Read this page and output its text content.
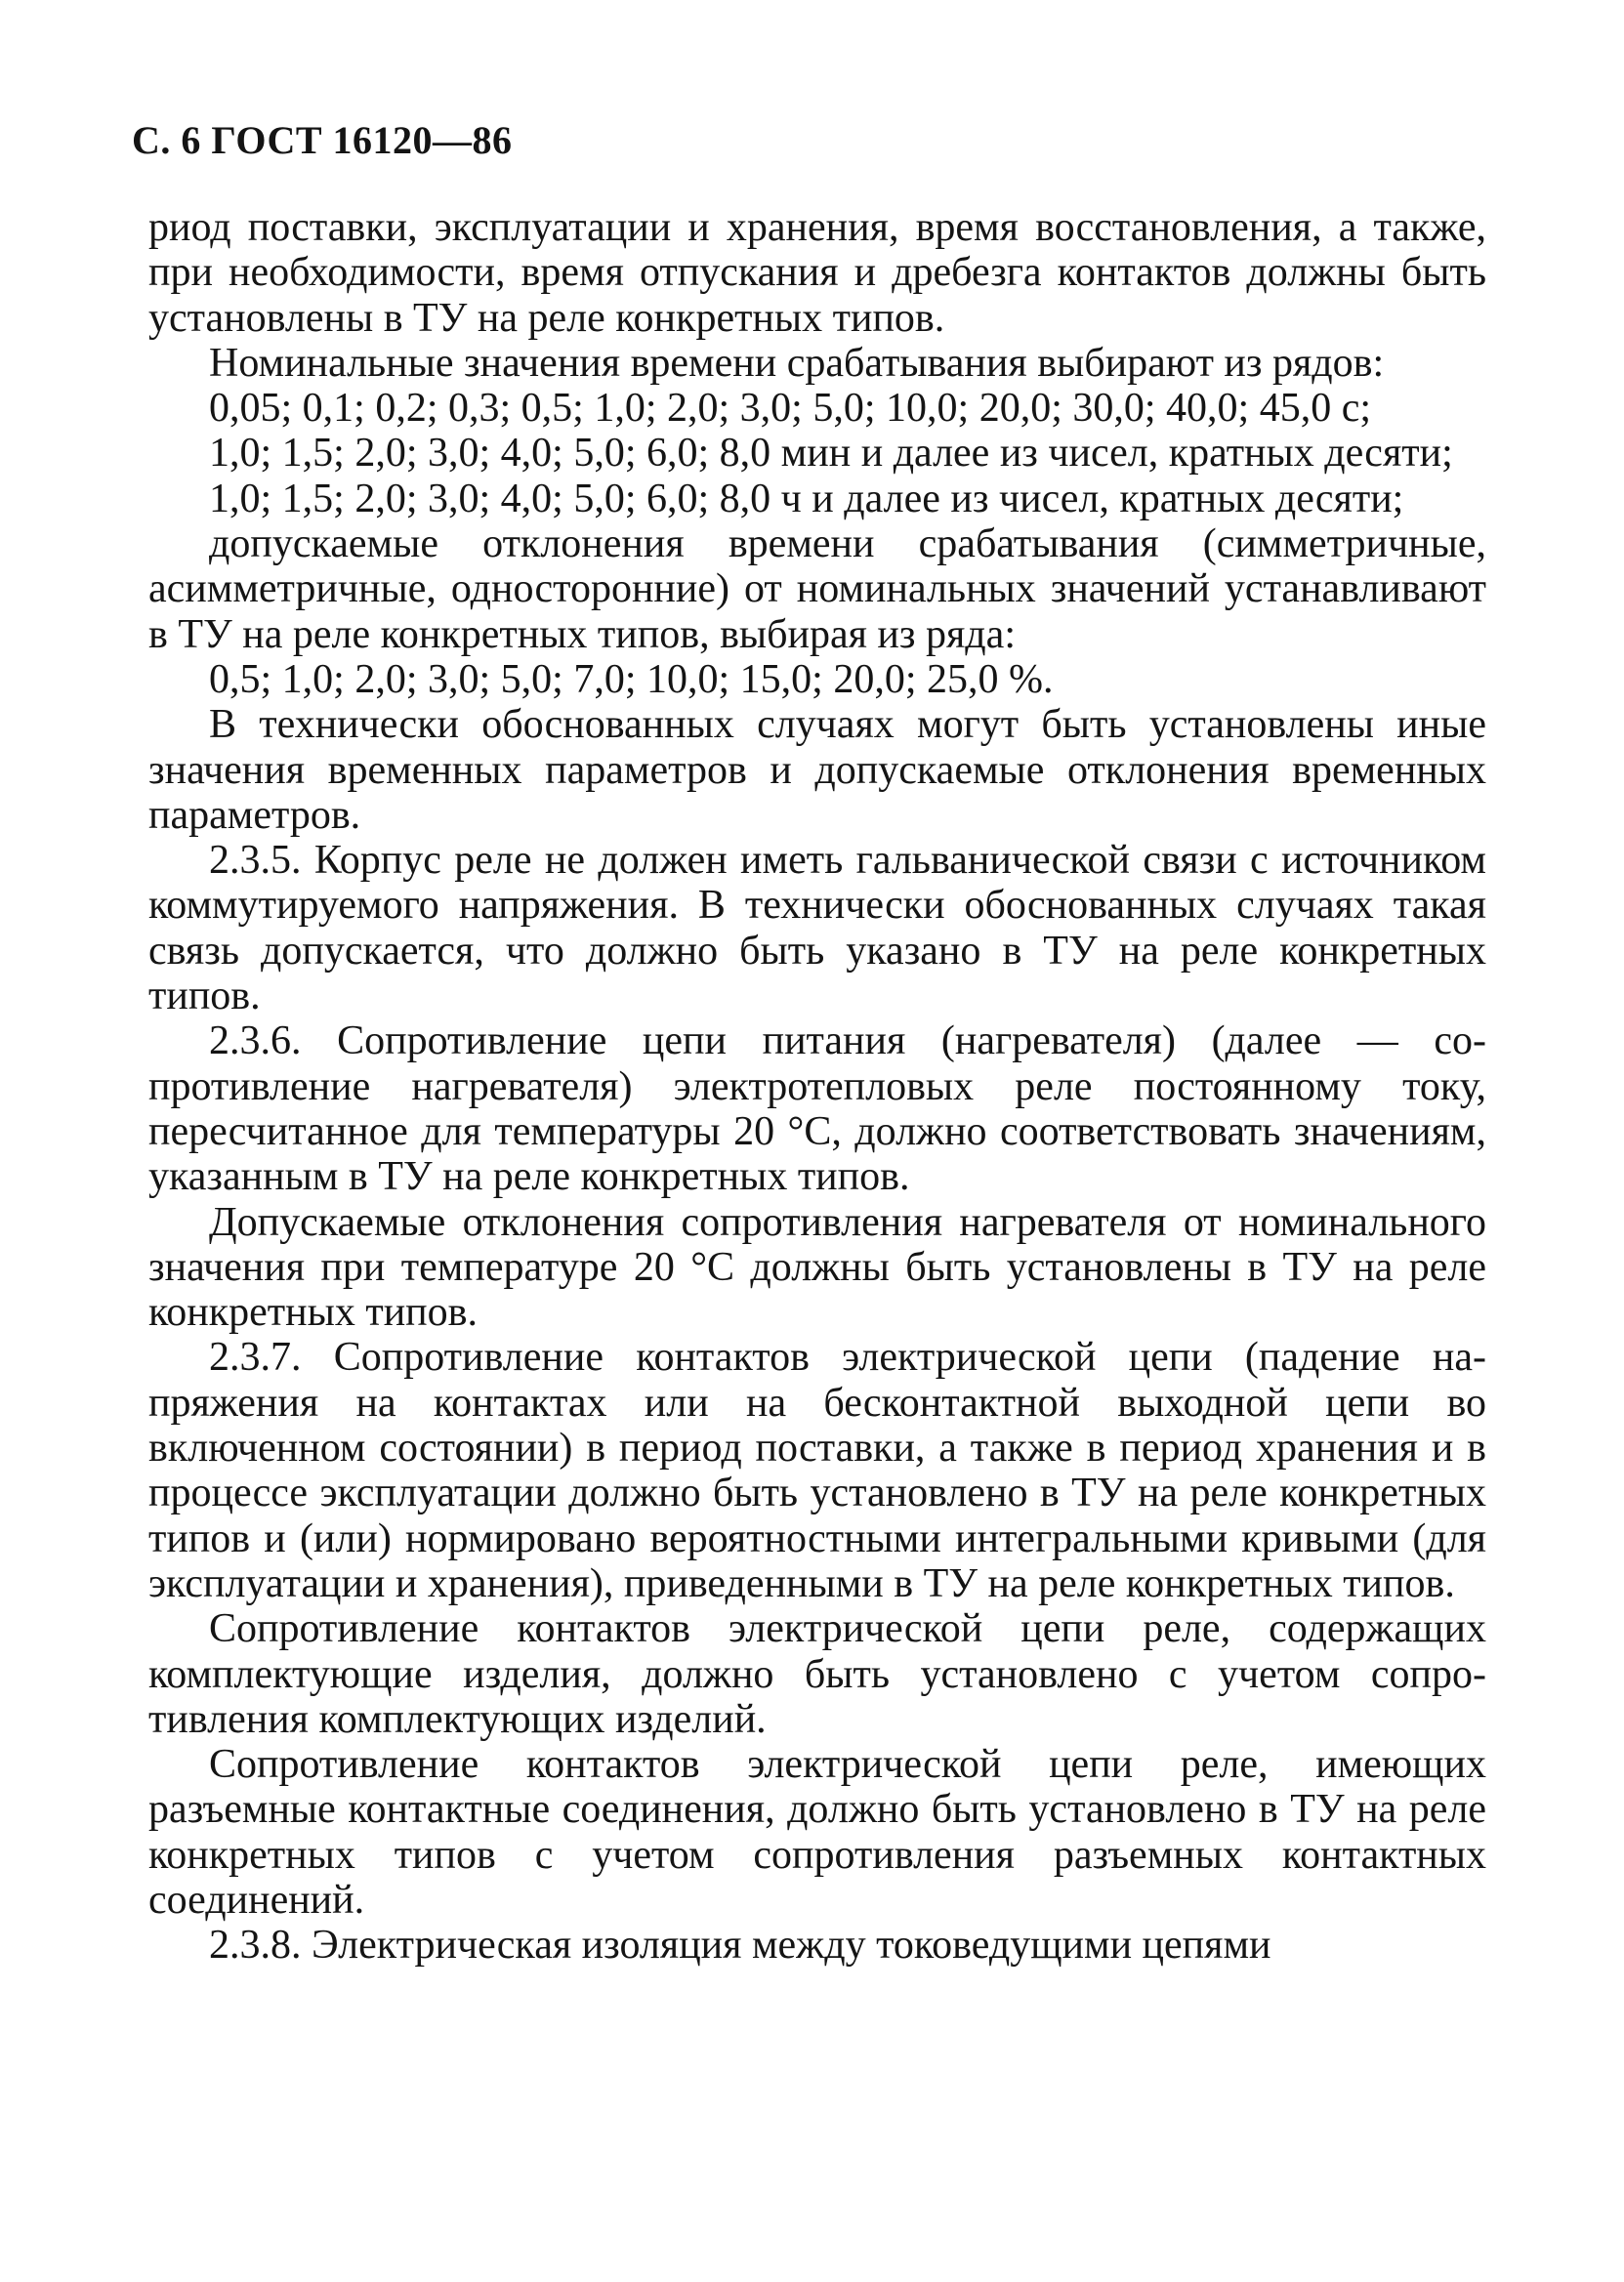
С. 6 ГОСТ 16120—86

риод поставки, эксплуатации и хранения, время восстановления, а также, при необходимости, время отпускания и дребезга контактов должны быть установлены в ТУ на реле конкретных типов.

Номинальные значения времени срабатывания выбирают из рядов:

0,05; 0,1; 0,2; 0,3; 0,5; 1,0; 2,0; 3,0; 5,0; 10,0; 20,0; 30,0; 40,0; 45,0 с;

1,0; 1,5; 2,0; 3,0; 4,0; 5,0; 6,0; 8,0 мин и далее из чисел, кратных десяти;

1,0; 1,5; 2,0; 3,0; 4,0; 5,0; 6,0; 8,0 ч и далее из чисел, кратных десяти;

допускаемые отклонения времени срабатывания (симметричные, асимметричные, односторонние) от номинальных значений устанавливают в ТУ на реле конкретных типов, выбирая из ряда:

0,5; 1,0; 2,0; 3,0; 5,0; 7,0; 10,0; 15,0; 20,0; 25,0 %.

В технически обоснованных случаях могут быть установлены иные значения временных параметров и допускаемые отклонения временных параметров.

2.3.5. Корпус реле не должен иметь гальванической связи с источником коммутируемого напряжения. В технически обоснованных случаях такая связь допускается, что должно быть указано в ТУ на реле конкретных типов.

2.3.6. Сопротивление цепи питания (нагревателя) (далее — сопротивление нагревателя) электротепловых реле постоянному току, пересчитанное для температуры 20 °С, должно соответствовать значениям, указанным в ТУ на реле конкретных типов.

Допускаемые отклонения сопротивления нагревателя от номинального значения при температуре 20 °С должны быть установлены в ТУ на реле конкретных типов.

2.3.7. Сопротивление контактов электрической цепи (падение напряжения на контактах или на бесконтактной выходной цепи во включенном состоянии) в период поставки, а также в период хранения и в процессе эксплуатации должно быть установлено в ТУ на реле конкретных типов и (или) нормировано вероятностными интегральными кривыми (для эксплуатации и хранения), приведенными в ТУ на реле конкретных типов.

Сопротивление контактов электрической цепи реле, содержащих комплектующие изделия, должно быть установлено с учетом сопротивления комплектующих изделий.

Сопротивление контактов электрической цепи реле, имеющих разъемные контактные соединения, должно быть установлено в ТУ на реле конкретных типов с учетом сопротивления разъемных контактных соединений.

2.3.8. Электрическая изоляция между токоведущими цепями
